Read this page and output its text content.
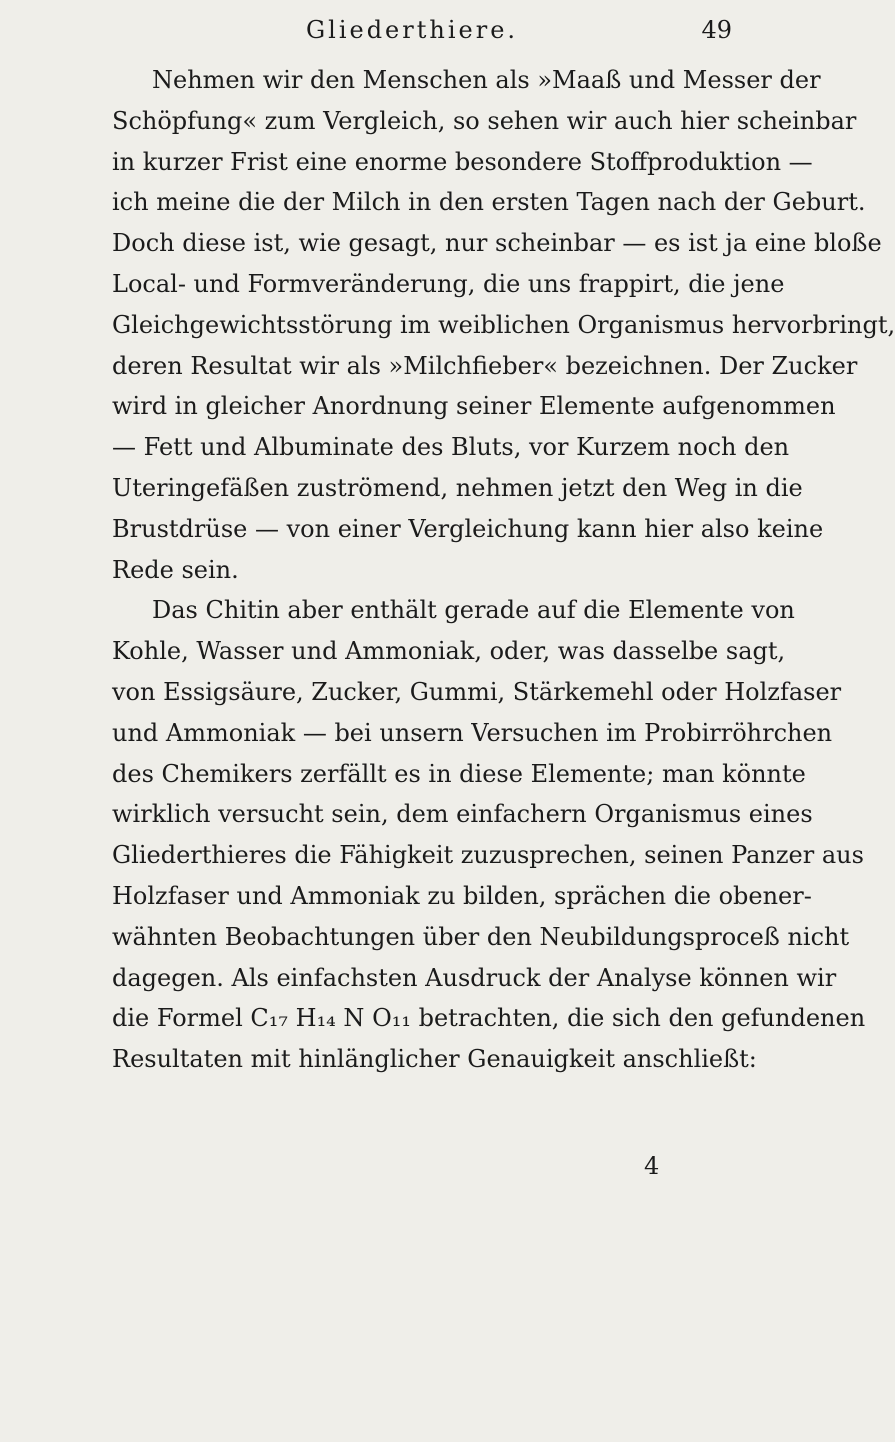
Gliederthiere.	49
Nehmen wir den Menschen als »Maaß und Messer der
Schöpfung« zum Vergleich, so sehen wir auch hier scheinbar
in kurzer Frist eine enorme besondere Stoffproduktion —
ich meine die der Milch in den ersten Tagen nach der Geburt.
Doch diese ist, wie gesagt, nur scheinbar — es ist ja eine bloße
Local- und Formveränderung, die uns frappirt, die jene
Gleichgewichtsstörung im weiblichen Organismus hervorbringt,
deren Resultat wir als »Milchfieber« bezeichnen. Der Zucker
wird in gleicher Anordnung seiner Elemente aufgenommen
— Fett und Albuminate des Bluts, vor Kurzem noch den
Uteringefäßen zuströmend, nehmen jetzt den Weg in die
Brustdrüse — von einer Vergleichung kann hier also keine
Rede sein.
Das Chitin aber enthält gerade auf die Elemente von
Kohle, Wasser und Ammoniak, oder, was dasselbe sagt,
von Essigsäure, Zucker, Gummi, Stärkemehl oder Holzfaser
und Ammoniak — bei unsern Versuchen im Probirröhrchen
des Chemikers zerfällt es in diese Elemente; man könnte
wirklich versucht sein, dem einfachern Organismus eines
Gliederthieres die Fähigkeit zuzusprechen, seinen Panzer aus
Holzfaser und Ammoniak zu bilden, sprächen die obener-
wähnten Beobachtungen über den Neubildungsproceß nicht
dagegen. Als einfachsten Ausdruck der Analyse können wir
die Formel C₁₇ H₁₄ N O₁₁ betrachten, die sich den gefundenen
Resultaten mit hinlänglicher Genauigkeit anschließt:
4
